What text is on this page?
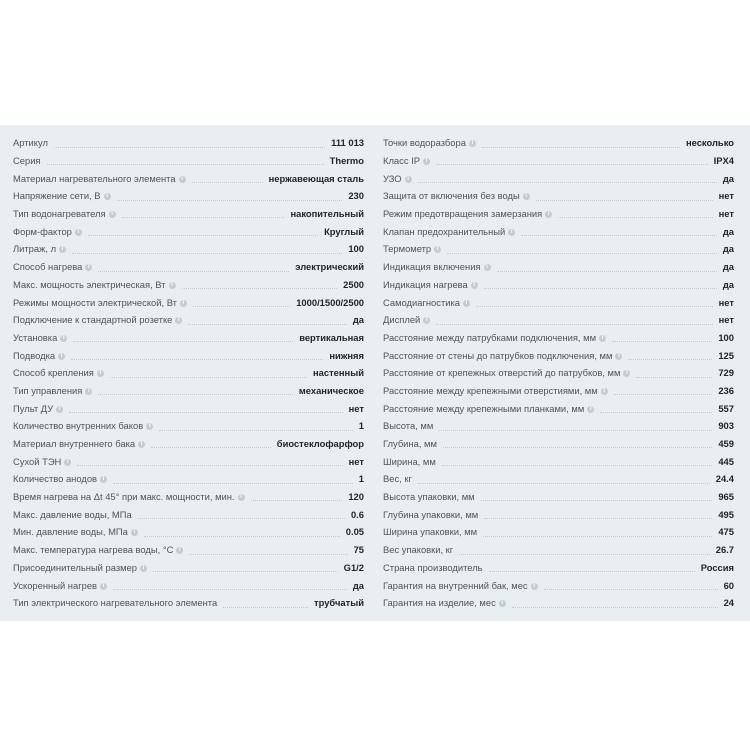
Артикул	111 013
Серия	Thermo
Материал нагревательного элемента i	нержавеющая сталь
Напряжение сети, В i	230
Тип водонагревателя i	накопительный
Форм-фактор i	Круглый
Литраж, л i	100
Способ нагрева i	электрический
Макс. мощность электрическая, Вт i	2500
Режимы мощности электрической, Вт i	1000/1500/2500
Подключение к стандартной розетке i	да
Установка i	вертикальная
Подводка i	нижняя
Способ крепления i	настенный
Тип управления i	механическое
Пульт ДУ i	нет
Количество внутренних баков i	1
Материал внутреннего бака i	биостеклофарфор
Сухой ТЭН i	нет
Количество анодов i	1
Время нагрева на Δt 45° при макс. мощности, мин. i	120
Макс. давление воды, МПа	0.6
Мин. давление воды, МПа i	0.05
Макс. температура нагрева воды, °С i	75
Присоединительный размер i	G1/2
Ускоренный нагрев i	да
Тип электрического нагревательного элемента	трубчатый
Точки водоразбора i	несколько
Класс IP i	IPX4
УЗО i	да
Защита от включения без воды i	нет
Режим предотвращения замерзания i	нет
Клапан предохранительный i	да
Термометр i	да
Индикация включения i	да
Индикация нагрева i	да
Самодиагностика i	нет
Дисплей i	нет
Расстояние между патрубками подключения, мм i	100
Расстояние от стены до патрубков подключения, мм i	125
Расстояние от крепежных отверстий до патрубков, мм i	729
Расстояние между крепежными отверстиями, мм i	236
Расстояние между крепежными планками, мм i	557
Высота, мм	903
Глубина, мм	459
Ширина, мм	445
Вес, кг	24.4
Высота упаковки, мм	965
Глубина упаковки, мм	495
Ширина упаковки, мм	475
Вес упаковки, кг	26.7
Страна производитель	Россия
Гарантия на внутренний бак, мес i	60
Гарантия на изделие, мес i	24
